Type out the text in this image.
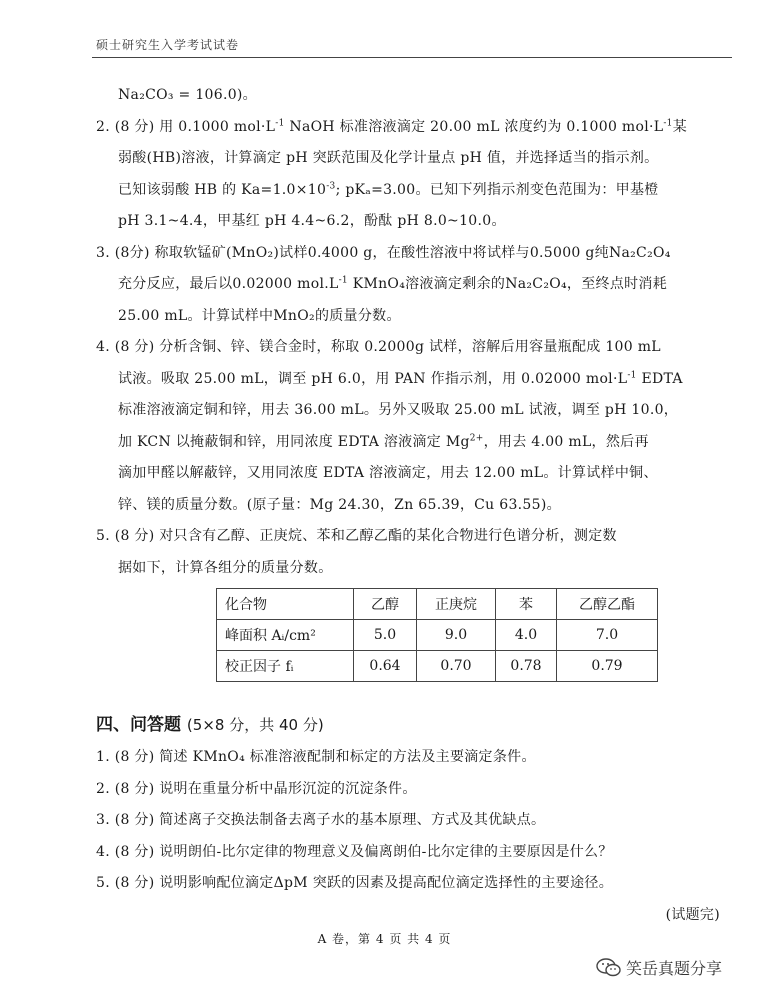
硕士研究生入学考试试卷
Na₂CO₃ = 106.0)。
2. (8 分) 用 0.1000 $mol\cdot L^{-1}$ NaOH 标准溶液滴定 20.00 mL 浓度约为 0.1000 $mol\cdot L^{-1}$某
弱酸(HB)溶液，计算滴定 pH 突跃范围及化学计量点 pH 值，并选择适当的指示剂。
已知该弱酸 HB 的 $Ka=1.0\times 10^{-3}$; pKₐ=3.00。已知下列指示剂变色范围为：甲基橙
pH 3.1~4.4，甲基红 pH 4.4~6.2，酚酞 pH 8.0~10.0。
3. (8分) 称取软锰矿(MnO₂)试样0.4000 g，在酸性溶液中将试样与0.5000 g纯Na₂C₂O₄
充分反应，最后以0.02000 $mol.L^{-1}$ KMnO₄溶液滴定剩余的Na₂C₂O₄，至终点时消耗
25.00 mL。计算试样中MnO₂的质量分数。
4. (8 分) 分析含铜、锌、镁合金时，称取 0.2000g 试样，溶解后用容量瓶配成 100 mL
试液。吸取 25.00 mL，调至 pH 6.0，用 PAN 作指示剂，用 0.02000 $mol\cdot L^{-1}$ EDTA
标准溶液滴定铜和锌，用去 36.00 mL。另外又吸取 25.00 mL 试液，调至 pH 10.0，
加 KCN 以掩蔽铜和锌，用同浓度 EDTA 溶液滴定 $Mg^{2+}$，用去 4.00 mL，然后再
滴加甲醛以解蔽锌，又用同浓度 EDTA 溶液滴定，用去 12.00 mL。计算试样中铜、
锌、镁的质量分数。(原子量：Mg 24.30，Zn 65.39，Cu 63.55)。
5. (8 分) 对只含有乙醇、正庚烷、苯和乙醇乙酯的某化合物进行色谱分析，测定数
据如下，计算各组分的质量分数。
化合物	乙醇	正庚烷	苯	乙醇乙酯
峰面积 Aᵢ/cm²	5.0	9.0	4.0	7.0
校正因子 fᵢ	0.64	0.70	0.78	0.79
四、问答题 (5×8 分，共 40 分)
1. (8 分) 简述 KMnO₄ 标准溶液配制和标定的方法及主要滴定条件。
2. (8 分) 说明在重量分析中晶形沉淀的沉淀条件。
3. (8 分) 简述离子交换法制备去离子水的基本原理、方式及其优缺点。
4. (8 分) 说明朗伯-比尔定律的物理意义及偏离朗伯-比尔定律的主要原因是什么？
5. (8 分) 说明影响配位滴定ΔpM 突跃的因素及提高配位滴定选择性的主要途径。
(试题完)
A 卷，第 4 页 共 4 页
笑岳真题分享
